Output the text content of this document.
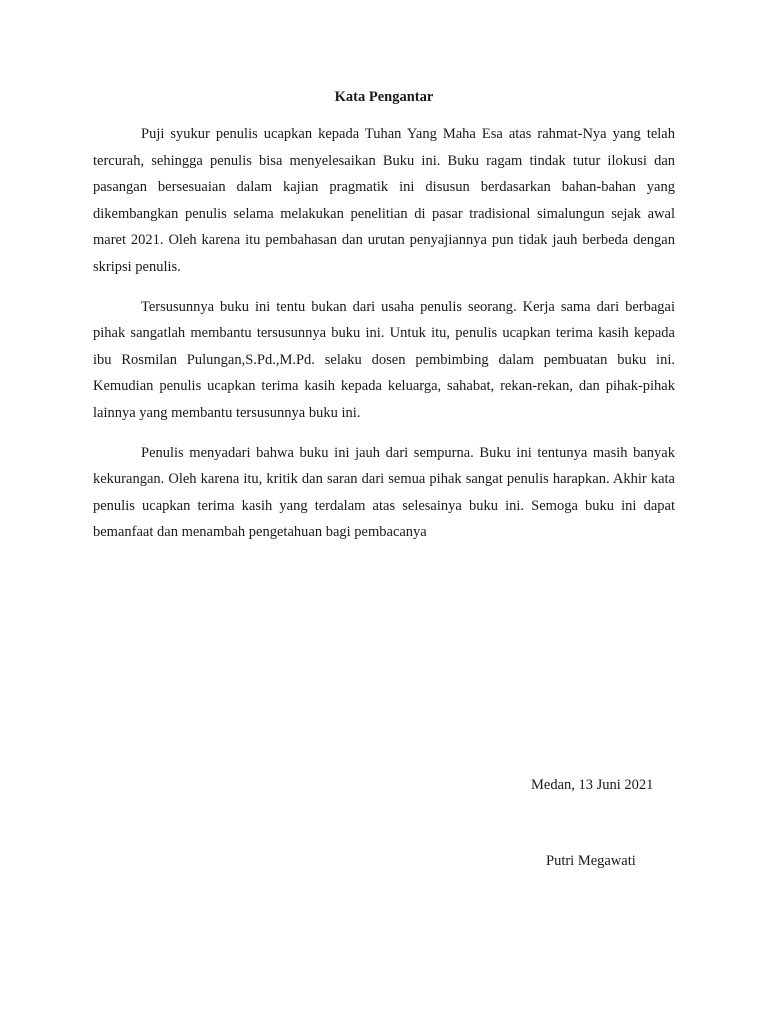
Kata Pengantar

Puji syukur penulis ucapkan kepada Tuhan Yang Maha Esa atas rahmat-Nya yang telah tercurah, sehingga penulis bisa menyelesaikan Buku ini. Buku ragam tindak tutur ilokusi dan pasangan bersesuaian dalam kajian pragmatik ini disusun berdasarkan bahan-bahan yang dikembangkan penulis selama melakukan penelitian di pasar tradisional simalungun sejak awal maret 2021. Oleh karena itu pembahasan dan urutan penyajiannya pun tidak jauh berbeda dengan skripsi penulis.

Tersusunnya buku ini tentu bukan dari usaha penulis seorang. Kerja sama dari berbagai pihak sangatlah membantu tersusunnya buku ini. Untuk itu, penulis ucapkan terima kasih kepada ibu Rosmilan Pulungan,S.Pd.,M.Pd. selaku dosen pembimbing dalam pembuatan buku ini. Kemudian penulis ucapkan terima kasih kepada keluarga, sahabat, rekan-rekan, dan pihak-pihak lainnya yang membantu tersusunnya buku ini.

Penulis menyadari bahwa buku ini jauh dari sempurna. Buku ini tentunya masih banyak kekurangan. Oleh karena itu, kritik dan saran dari semua pihak sangat penulis harapkan. Akhir kata penulis ucapkan terima kasih yang terdalam atas selesainya buku ini. Semoga buku ini dapat bemanfaat dan menambah pengetahuan bagi pembacanya

Medan, 13 Juni 2021

Putri Megawati
